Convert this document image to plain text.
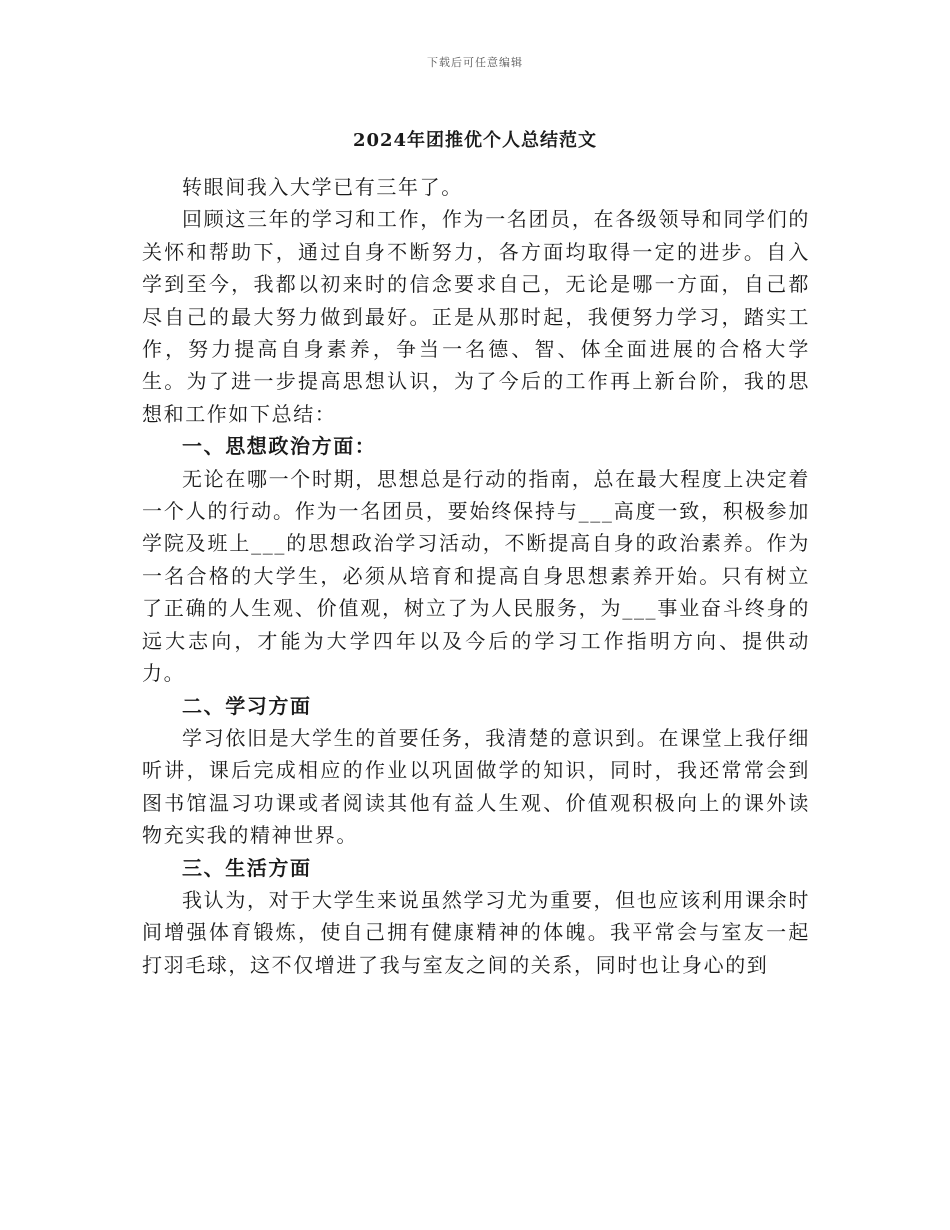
下载后可任意编辑
2024年团推优个人总结范文

转眼间我入大学已有三年了。

回顾这三年的学习和工作，作为一名团员，在各级领导和同学们的关怀和帮助下，通过自身不断努力，各方面均取得一定的进步。自入学到至今，我都以初来时的信念要求自己，无论是哪一方面，自己都尽自己的最大努力做到最好。正是从那时起，我便努力学习，踏实工作，努力提高自身素养，争当一名德、智、体全面进展的合格大学生。为了进一步提高思想认识，为了今后的工作再上新台阶，我的思想和工作如下总结：

一、思想政治方面：

无论在哪一个时期，思想总是行动的指南，总在最大程度上决定着一个人的行动。作为一名团员，要始终保持与___高度一致，积极参加学院及班上___的思想政治学习活动，不断提高自身的政治素养。作为一名合格的大学生，必须从培育和提高自身思想素养开始。只有树立了正确的人生观、价值观，树立了为人民服务，为___事业奋斗终身的远大志向，才能为大学四年以及今后的学习工作指明方向、提供动力。

二、学习方面

学习依旧是大学生的首要任务，我清楚的意识到。在课堂上我仔细听讲，课后完成相应的作业以巩固做学的知识，同时，我还常常会到图书馆温习功课或者阅读其他有益人生观、价值观积极向上的课外读物充实我的精神世界。

三、生活方面

我认为，对于大学生来说虽然学习尤为重要，但也应该利用课余时间增强体育锻炼，使自己拥有健康精神的体魄。我平常会与室友一起打羽毛球，这不仅增进了我与室友之间的关系，同时也让身心的到
